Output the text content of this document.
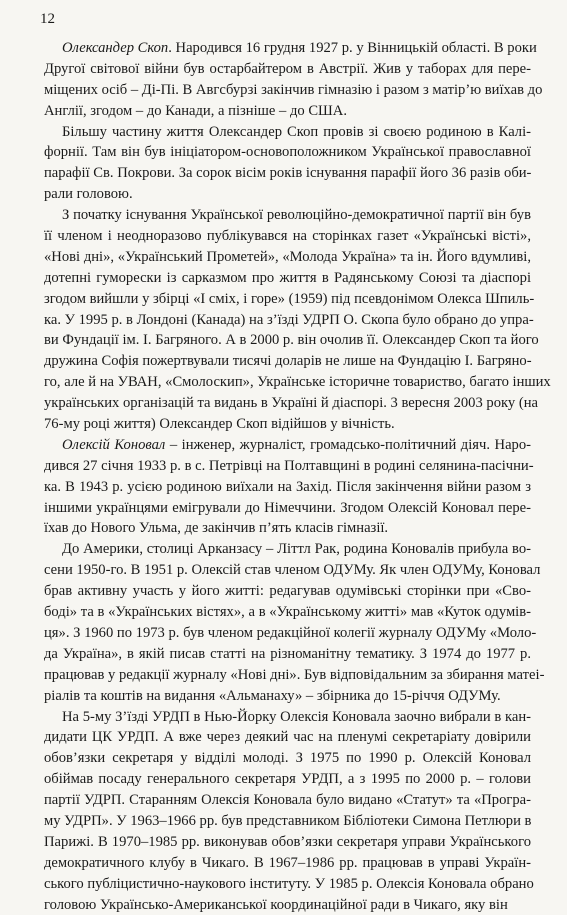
12
Олександер Скоп. Народився 16 грудня 1927 р. у Вінницькій області. В роки
Другої світової війни був остарбайтером в Австрії. Жив у таборах для пере-
міщених осіб – Ді-Пі. В Авгсбурзі закінчив гімназію і разом з матір’ю виїхав до
Англії, згодом – до Канади, а пізніше – до США.
Більшу частину життя Олександер Скоп провів зі своєю родиною в Калі-
форнії. Там він був ініціатором-основоположником Української православної
парафії Св. Покрови. За сорок вісім років існування парафії його 36 разів оби-
рали головою.
З початку існування Української революційно-демократичної партії він був
її членом і неодноразово публікувався на сторінках газет «Українські вісті»,
«Нові дні», «Український Прометей», «Молода Україна» та ін. Його вдумливі,
дотепні гуморески із сарказмом про життя в Радянському Союзі та діаспорі
згодом вийшли у збірці «І сміх, і горе» (1959) під псевдонімом Олекса Шпиль-
ка. У 1995 р. в Лондоні (Канада) на з’їзді УДРП О. Скопа було обрано до упра-
ви Фундації ім. І. Багряного. А в 2000 р. він очолив її. Олександер Скоп та його
дружина Софія пожертвували тисячі доларів не лише на Фундацію І. Багряно-
го, але й на УВАН, «Смолоскип», Українське історичне товариство, багато інших
українських організацій та видань в Україні й діаспорі. 3 вересня 2003 року (на
76-му році життя) Олександер Скоп відійшов у вічність.
Олексій Коновал – інженер, журналіст, громадсько-політичний діяч. Наро-
дився 27 січня 1933 р. в с. Петрівці на Полтавщині в родині селянина-пасічни-
ка. В 1943 р. усією родиною виїхали на Захід. Після закінчення війни разом з
іншими українцями емігрували до Німеччини. Згодом Олексій Коновал пере-
їхав до Нового Ульма, де закінчив п’ять класів гімназії.
До Америки, столиці Арканзасу – Літтл Рак, родина Коновалів прибула во-
сени 1950-го. В 1951 р. Олексій став членом ОДУМу. Як член ОДУМу, Коновал
брав активну участь у його житті: редагував одумівські сторінки при «Сво-
боді» та в «Українських вістях», а в «Українському житті» мав «Куток одумів-
ця». З 1960 по 1973 р. був членом редакційної колегії журналу ОДУМу «Моло-
да Україна», в якій писав статті на різноманітну тематику. З 1974 до 1977 р.
працював у редакції журналу «Нові дні». Був відповідальним за збирання матеі-
ріалів та коштів на видання «Альманаху» – збірника до 15-річчя ОДУМу.
На 5-му З’їзді УРДП в Нью-Йорку Олексія Коновала заочно вибрали в кан-
дидати ЦК УРДП. А вже через деякий час на пленумі секретаріату довірили
обов’язки секретаря у відділі молоді. З 1975 по 1990 р. Олексій Коновал
обіймав посаду генерального секретаря УРДП, а з 1995 по 2000 р. – голови
партії УДРП. Старанням Олексія Коновала було видано «Статут» та «Програ-
му УДРП». У 1963–1966 рр. був представником Бібліотеки Симона Петлюри в
Парижі. В 1970–1985 рр. виконував обов’язки секретаря управи Українського
демократичного клубу в Чикаго. В 1967–1986 рр. працював в управі Україн-
ського публіцистично-наукового інституту. У 1985 р. Олексія Коновала обрано
головою Українсько-Американської координаційної ради в Чикаго, яку він
